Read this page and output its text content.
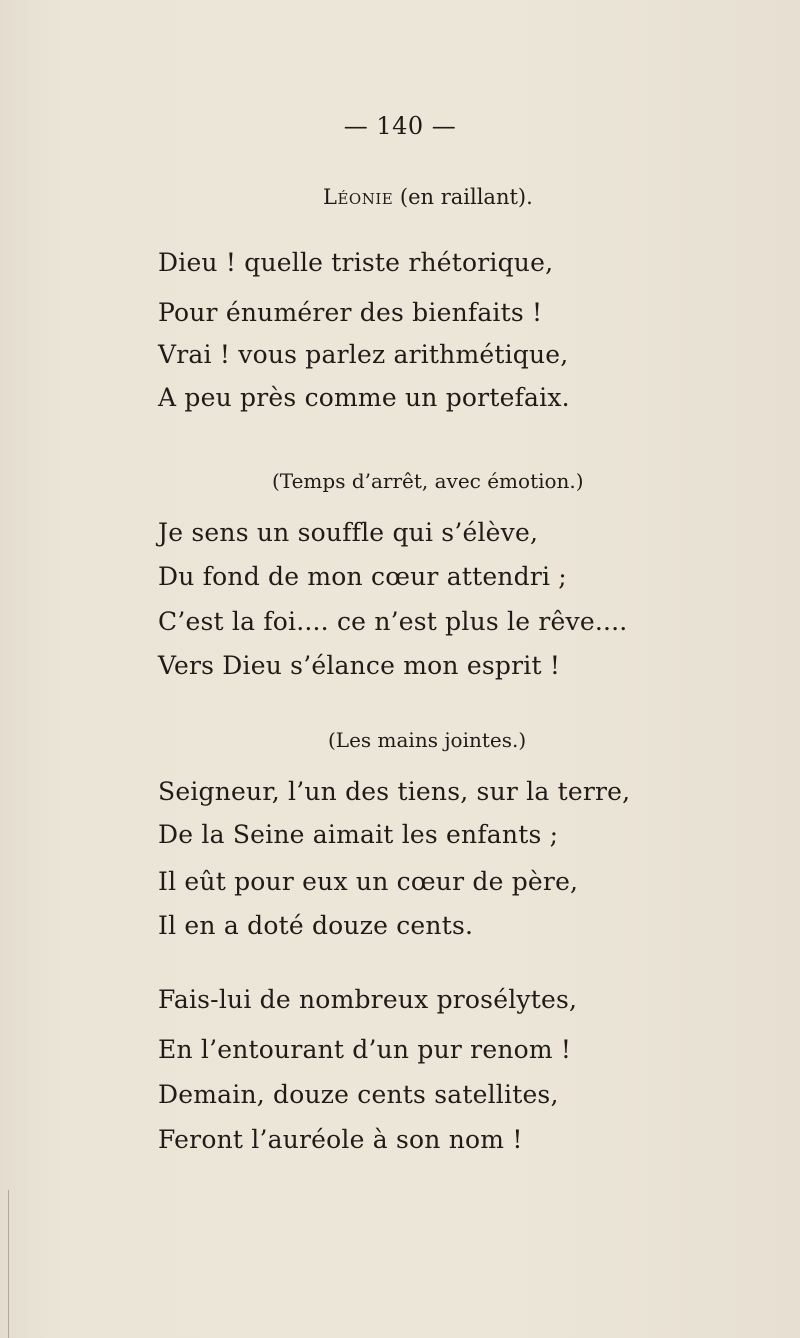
— 140 —
Léonie (en raillant).
Dieu ! quelle triste rhétorique,
Pour énumérer des bienfaits !
Vrai ! vous parlez arithmétique,
A peu près comme un portefaix.
(Temps d’arrêt, avec émotion.)
Je sens un souffle qui s’élève,
Du fond de mon cœur attendri ;
C’est la foi.... ce n’est plus le rêve....
Vers Dieu s’élance mon esprit !
(Les mains jointes.)
Seigneur, l’un des tiens, sur la terre,
De la Seine aimait les enfants ;
Il eût pour eux un cœur de père,
Il en a doté douze cents.
Fais-lui de nombreux prosélytes,
En l’entourant d’un pur renom !
Demain, douze cents satellites,
Feront l’auréole à son nom !
